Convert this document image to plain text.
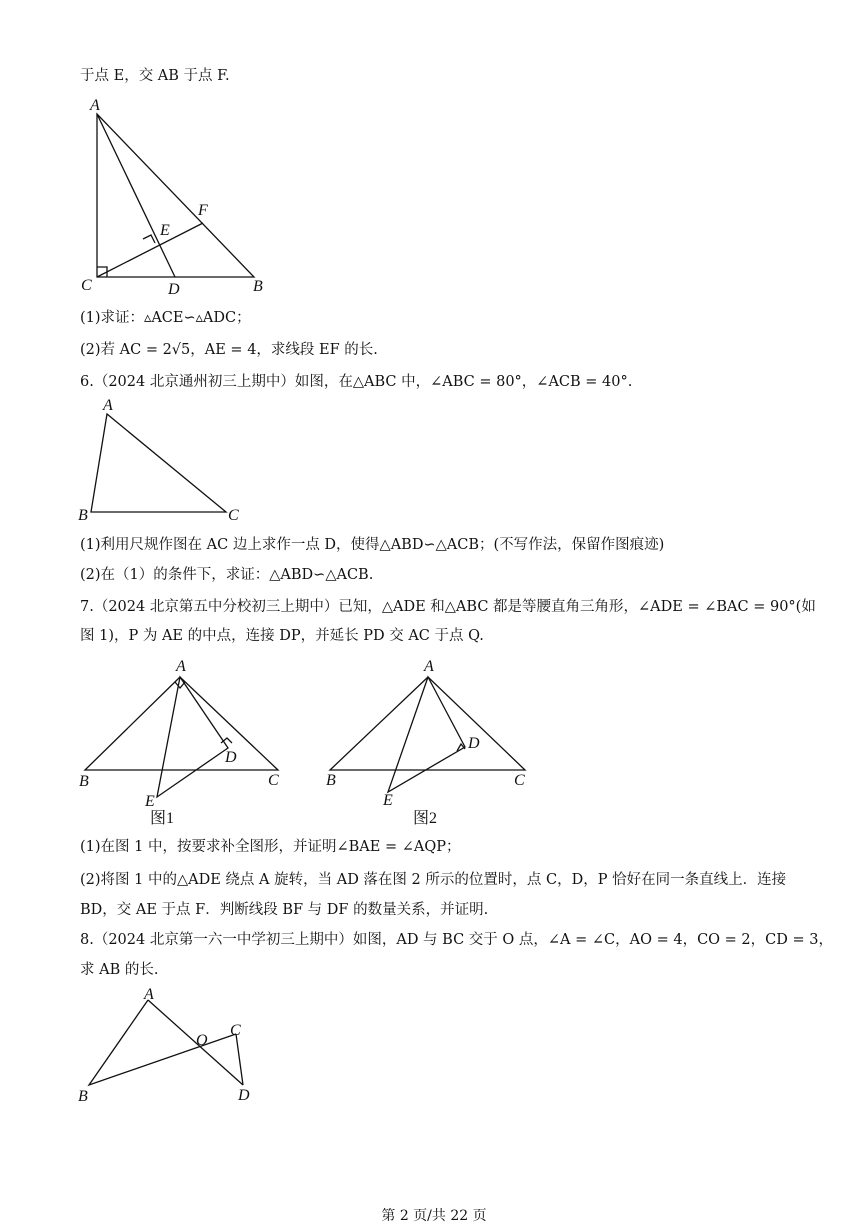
于点 E，交 AB 于点 F.
A
C	D	B
E
F
(1)求证：▵ACE∽▵ADC；
(2)若 AC = 2√5，AE = 4，求线段 EF 的长.
6.（2024 北京通州初三上期中）如图，在△ABC 中，∠ABC = 80°，∠ACB = 40°.
A
B	C
(1)利用尺规作图在 AC 边上求作一点 D，使得△ABD∽△ACB；(不写作法，保留作图痕迹)
(2)在（1）的条件下，求证：△ABD∽△ACB.
7.（2024 北京第五中分校初三上期中）已知，△ADE 和△ABC 都是等腰直角三角形，∠ADE = ∠BAC = 90°(如
图 1)，P 为 AE 的中点，连接 DP，并延长 PD 交 AC 于点 Q.
A
B	C
D
E
图1
A
B	C
D
E
图2
(1)在图 1 中，按要求补全图形，并证明∠BAE = ∠AQP；
(2)将图 1 中的△ADE 绕点 A 旋转，当 AD 落在图 2 所示的位置时，点 C，D，P 恰好在同一条直线上．连接
BD，交 AE 于点 F．判断线段 BF 与 DF 的数量关系，并证明.
8.（2024 北京第一六一中学初三上期中）如图，AD 与 BC 交于 O 点，∠A = ∠C，AO = 4，CO = 2，CD = 3，
求 AB 的长.
A
B
C
D
O
第 2 页/共 22 页
